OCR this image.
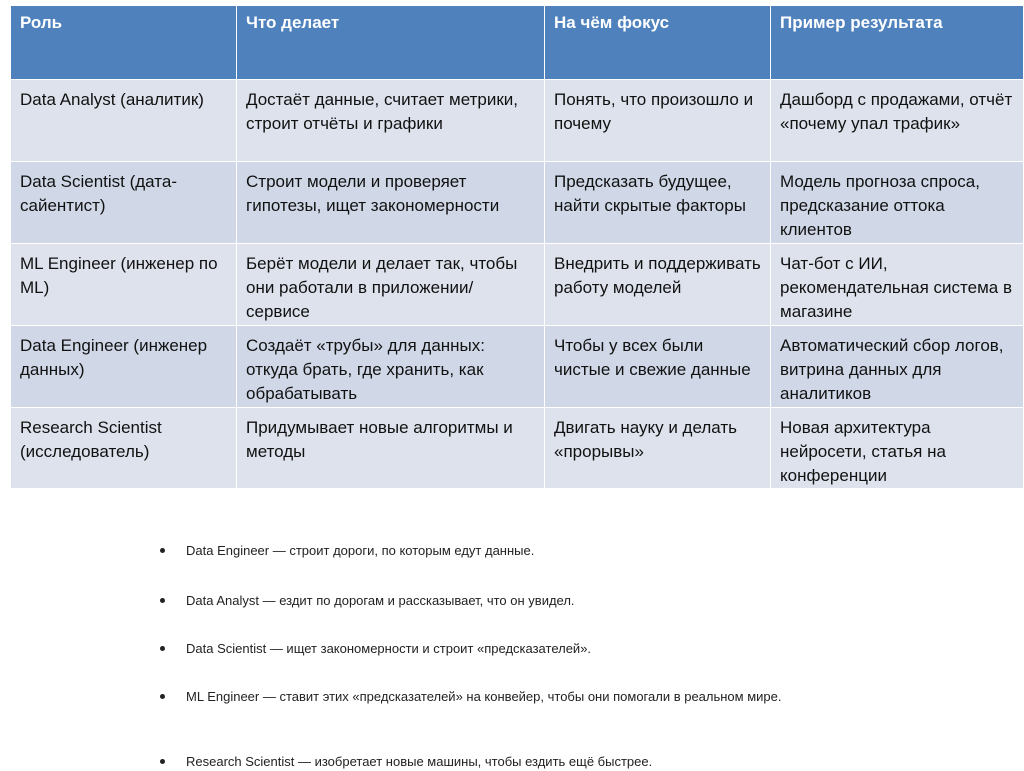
Роль	Что делает	На чём фокус	Пример результата
Data Analyst (аналитик)	Достаёт данные, считает метрики, строит отчёты и графики	Понять, что произошло и почему	Дашборд с продажами, отчёт «почему упал трафик»
Data Scientist (дата-сайентист)	Строит модели и проверяет гипотезы, ищет закономерности	Предсказать будущее, найти скрытые факторы	Модель прогноза спроса, предсказание оттока клиентов
ML Engineer (инженер по ML)	Берёт модели и делает так, чтобы они работали в приложении/сервисе	Внедрить и поддерживать работу моделей	Чат-бот с ИИ, рекомендательная система в магазине
Data Engineer (инженер данных)	Создаёт «трубы» для данных: откуда брать, где хранить, как обрабатывать	Чтобы у всех были чистые и свежие данные	Автоматический сбор логов, витрина данных для аналитиков
Research Scientist (исследователь)	Придумывает новые алгоритмы и методы	Двигать науку и делать «прорывы»	Новая архитектура нейросети, статья на конференции
Data Engineer — строит дороги, по которым едут данные.
Data Analyst — ездит по дорогам и рассказывает, что он увидел.
Data Scientist — ищет закономерности и строит «предсказателей».
ML Engineer — ставит этих «предсказателей» на конвейер, чтобы они помогали в реальном мире.
Research Scientist — изобретает новые машины, чтобы ездить ещё быстрее.
